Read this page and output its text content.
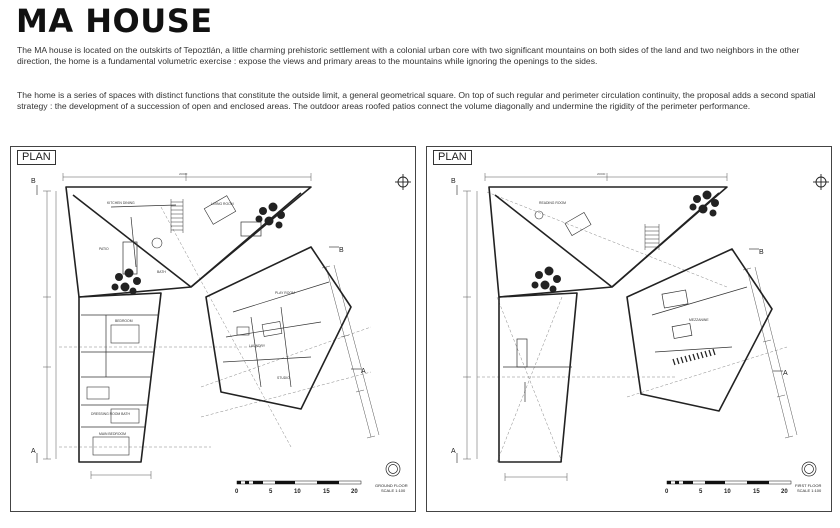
MA HOUSE

The MA house is located on the outskirts of Tepoztlán, a little charming prehistoric settlement with a colonial urban core with two significant mountains on both sides of the land and two neighbors in the other direction, the home is a fundamental volumetric exercise : expose the views and primary areas to the mountains while ignoring the openings to the sides.

The home is a series of spaces with distinct functions that constitute the outside limit, a general geometrical square. On top of such regular and perimeter circulation continuity, the proposal adds a second spatial strategy : the development of a succession of open and enclosed areas. The outdoor areas roofed patios connect the volume diagonally and undermine the rigidity of the perimeter performance.

PLAN
20000
KITCHEN DINING	LIVING ROOM
PATIO
BATH
PLAY ROOM
LAUNDRY
STUDIO
BEDROOM
DRESSING ROOM BATH
MAIN BEDROOM
B
A
B
A
GROUND FLOOR
SCALE 1:100
0	5	10	15	20
PLAN
20000
READING ROOM
MEZZANINE
B
A
B
A
FIRST FLOOR
SCALE 1:100
0	5	10	15	20
